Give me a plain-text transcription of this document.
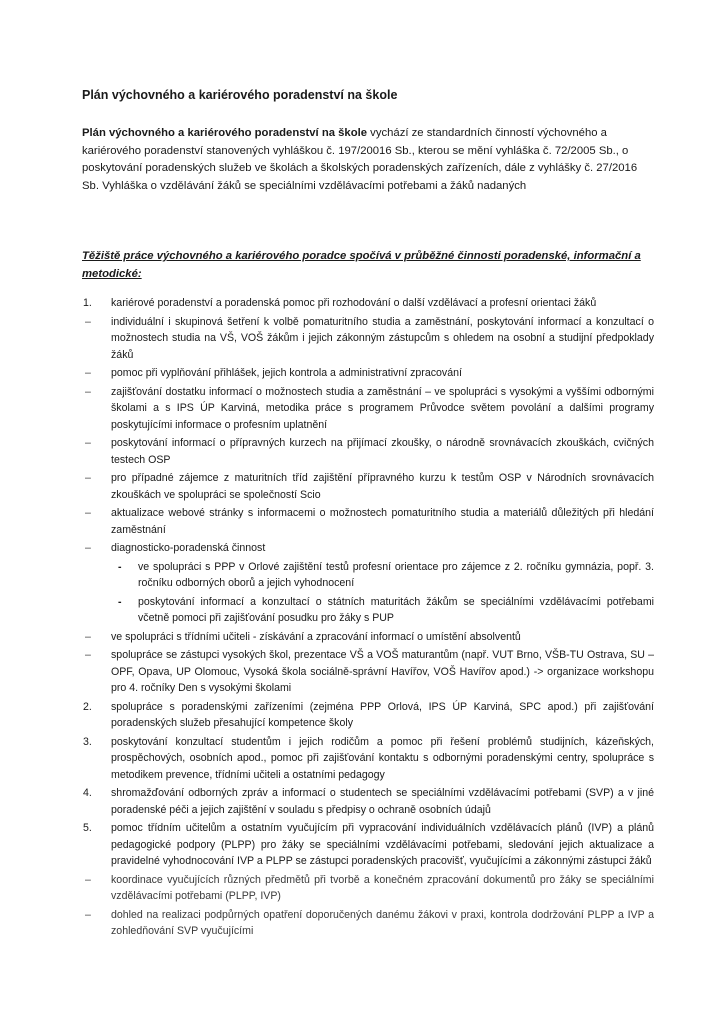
Plán výchovného a kariérového poradenství na škole

Plán výchovného a kariérového poradenství na škole vychází ze standardních činností výchovného a kariérového poradenství stanovených vyhláškou č. 197/20016 Sb., kterou se mění vyhláška č. 72/2005 Sb., o poskytování poradenských služeb ve školách a školských poradenských zařízeních, dále z vyhlášky č. 27/2016 Sb. Vyhláška o vzdělávání žáků se speciálními vzdělávacími potřebami a žáků nadaných

Těžiště práce výchovného a kariérového poradce spočívá v průběžné činnosti poradenské, informační a metodické:

1.	kariérové poradenství a poradenská pomoc při rozhodování o další vzdělávací a profesní orientaci žáků

–	individuální i skupinová šetření k volbě pomaturitního studia a zaměstnání, poskytování informací a konzultací o možnostech studia na VŠ, VOŠ žákům i jejich zákonným zástupcům s ohledem na osobní a studijní předpoklady žáků

–	pomoc při vyplňování přihlášek, jejich kontrola a administrativní zpracování

–	zajišťování dostatku informací o možnostech studia a zaměstnání – ve spolupráci s vysokými a vyššími odbornými školami a s IPS ÚP Karviná, metodika práce s programem Průvodce světem povolání a dalšími programy poskytujícími informace o profesním uplatnění

–	poskytování informací o přípravných kurzech na přijímací zkoušky, o národně srovnávacích zkouškách, cvičných testech OSP

–	pro případné zájemce z maturitních tříd zajištění přípravného kurzu k testům OSP v Národních srovnávacích zkouškách ve spolupráci se společností Scio

–	aktualizace webové stránky s informacemi o možnostech pomaturitního studia a materiálů důležitých při hledání zaměstnání

–	diagnosticko-poradenská činnost

-	ve spolupráci s PPP v Orlové zajištění testů profesní orientace pro zájemce z 2. ročníku gymnázia, popř. 3. ročníku odborných oborů a jejich vyhodnocení

-	poskytování informací a konzultací o státních maturitách žákům se speciálními vzdělávacími potřebami včetně pomoci při zajišťování posudku pro žáky s PUP

–	ve spolupráci s třídními učiteli - získávání a zpracování informací o umístění absolventů

–	spolupráce se zástupci vysokých škol, prezentace VŠ a VOŠ maturantům (např. VUT Brno, VŠB-TU Ostrava, SU – OPF, Opava, UP Olomouc, Vysoká škola sociálně-správní Havířov, VOŠ Havířov apod.) -> organizace workshopu pro 4. ročníky Den s vysokými školami

2.	spolupráce s poradenskými zařízeními (zejména PPP Orlová, IPS ÚP Karviná, SPC apod.) při zajišťování poradenských služeb přesahující kompetence školy

3.	poskytování konzultací studentům i jejich rodičům a pomoc při řešení problémů studijních, kázeňských, prospěchových, osobních apod., pomoc při zajišťování kontaktu s odbornými poradenskými centry, spolupráce s metodikem prevence, třídními učiteli a ostatními pedagogy

4.	shromažďování odborných zpráv a informací o studentech se speciálními vzdělávacími potřebami (SVP) a v jiné poradenské péči a jejich zajištění v souladu s předpisy o ochraně osobních údajů

5.	pomoc třídním učitelům a ostatním vyučujícím při vypracování individuálních vzdělávacích plánů (IVP) a plánů pedagogické podpory (PLPP) pro žáky se speciálními vzdělávacími potřebami, sledování jejich aktualizace a pravidelné vyhodnocování IVP a PLPP se zástupci poradenských pracovišť, vyučujícími a zákonnými zástupci žáků

–	koordinace vyučujících různých předmětů při tvorbě a konečném zpracování dokumentů pro žáky se speciálními vzdělávacími potřebami (PLPP, IVP)

–	dohled na realizaci podpůrných opatření doporučených danému žákovi v praxi, kontrola dodržování PLPP a IVP a zohledňování SVP vyučujícími
